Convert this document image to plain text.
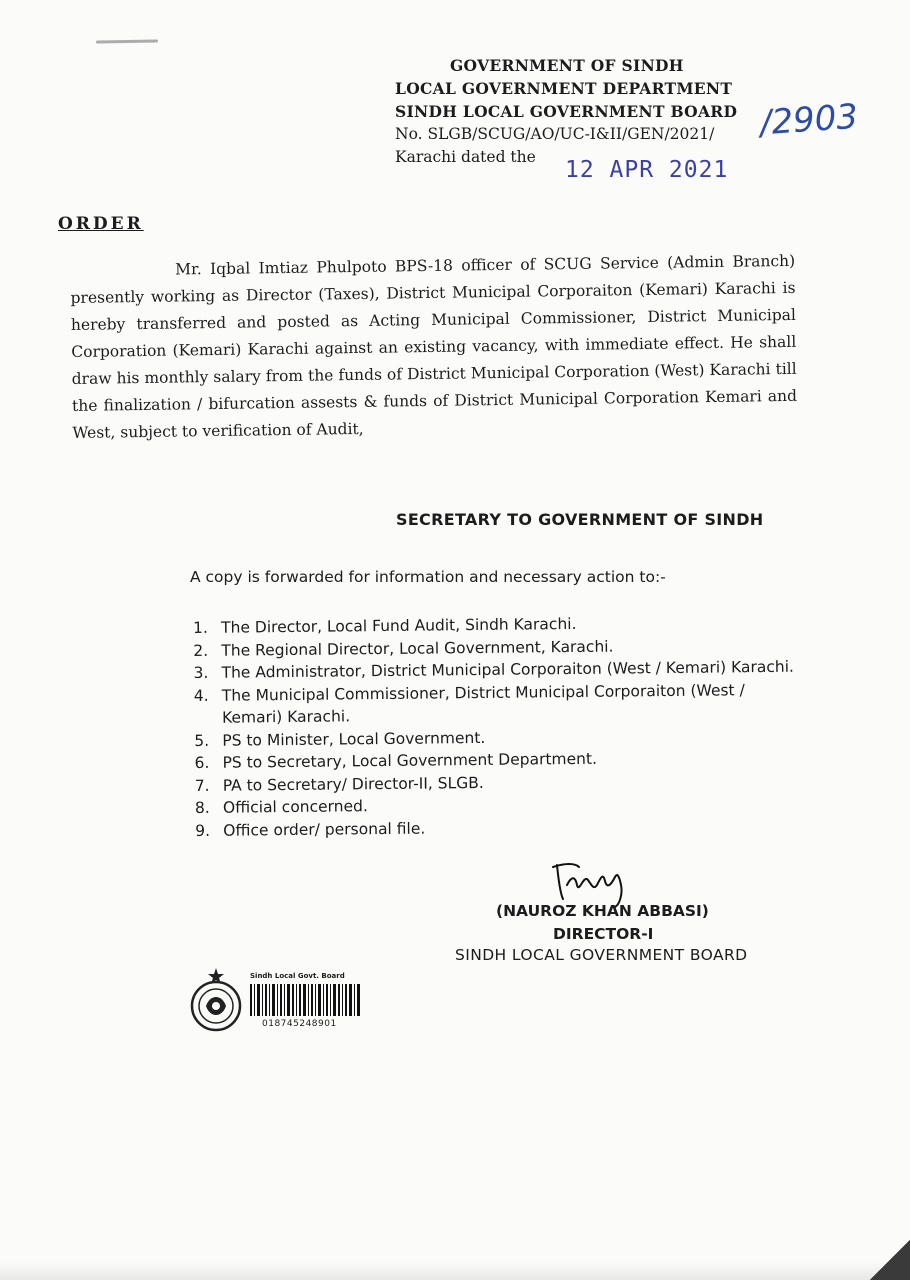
GOVERNMENT OF SINDH
LOCAL GOVERNMENT DEPARTMENT
SINDH LOCAL GOVERNMENT BOARD
No. SLGB/SCUG/AO/UC-I&II/GEN/2021/
Karachi dated the
/2903
12 APR 2021
ORDER
Mr. Iqbal Imtiaz Phulpoto BPS-18 officer of SCUG Service (Admin Branch) presently working as Director (Taxes), District Municipal Corporaiton (Kemari) Karachi is hereby transferred and posted as Acting Municipal Commissioner, District Municipal Corporation (Kemari) Karachi against an existing vacancy, with immediate effect. He shall draw his monthly salary from the funds of District Municipal Corporation (West) Karachi till the finalization / bifurcation assests & funds of District Municipal Corporation Kemari and West, subject to verification of Audit,
SECRETARY TO GOVERNMENT OF SINDH
A copy is forwarded for information and necessary action to:-
1. The Director, Local Fund Audit, Sindh Karachi.
2. The Regional Director, Local Government, Karachi.
3. The Administrator, District Municipal Corporaiton (West / Kemari) Karachi.
4. The Municipal Commissioner, District Municipal Corporaiton (West / Kemari) Karachi.
5. PS to Minister, Local Government.
6. PS to Secretary, Local Government Department.
7. PA to Secretary/ Director-II, SLGB.
8. Official concerned.
9. Office order/ personal file.
(NAUROZ KHAN ABBASI)
DIRECTOR-I
SINDH LOCAL GOVERNMENT BOARD
Sindh Local Govt. Board
018745248901
